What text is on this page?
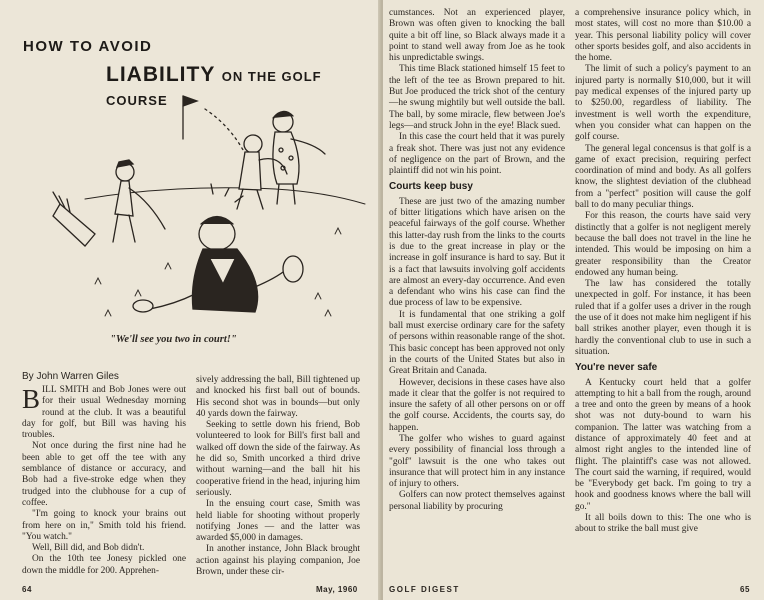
HOW TO AVOID
LIABILITY ON THE GOLF COURSE
"We'll see you two in court!"
By John Warren Giles

BILL SMITH and Bob Jones were out for their usual Wednesday morning round at the club. It was a beautiful day for golf, but Bill was having his troubles.

Not once during the first nine had he been able to get off the tee with any semblance of distance or accuracy, and Bob had a five-stroke edge when they trudged into the clubhouse for a cup of coffee.

"I'm going to knock your brains out from here on in," Smith told his friend. "You watch."

Well, Bill did, and Bob didn't.

On the 10th tee Jonesy pickled one down the middle for 200. Apprehen-

sively addressing the ball, Bill tightened up and knocked his first ball out of bounds. His second shot was in bounds—but only 40 yards down the fairway.

Seeking to settle down his friend, Bob volunteered to look for Bill's first ball and walked off down the side of the fairway. As he did so, Smith uncorked a third drive without warning—and the ball hit his cooperative friend in the head, injuring him seriously.

In the ensuing court case, Smith was held liable for shooting without properly notifying Jones — and the latter was awarded $5,000 in damages.

In another instance, John Black brought action against his playing companion, Joe Brown, under these cir-

64	May, 1960

cumstances. Not an experienced player, Brown was often given to knocking the ball quite a bit off line, so Black always made it a point to stand well away from Joe as he took his unpredictable swings.

This time Black stationed himself 15 feet to the left of the tee as Brown prepared to hit. But Joe produced the trick shot of the century—he swung mightily but well outside the ball. The ball, by some miracle, flew between Joe's legs—and struck John in the eye! Black sued.

In this case the court held that it was purely a freak shot. There was just not any evidence of negligence on the part of Brown, and the plaintiff did not win his point.

Courts keep busy

These are just two of the amazing number of bitter litigations which have arisen on the peaceful fairways of the golf course. Whether this latter-day rush from the links to the courts is due to the great increase in play or the increase in golf insurance is hard to say. But it is a fact that lawsuits involving golf accidents are almost an every-day occurrence. And even a defendant who wins his case can find the due process of law to be expensive.

It is fundamental that one striking a golf ball must exercise ordinary care for the safety of persons within reasonable range of the shot. This basic concept has been approved not only in the courts of the United States but also in Great Britain and Canada.

However, decisions in these cases have also made it clear that the golfer is not required to insure the safety of all other persons on or off the golf course. Accidents, the courts say, do happen.

The golfer who wishes to guard against every possibility of financial loss through a "golf" lawsuit is the one who takes out insurance that will protect him in any instance of injury to others.

Golfers can now protect themselves against personal liability by procuring

a comprehensive insurance policy which, in most states, will cost no more than $10.00 a year. This personal liability policy will cover other sports besides golf, and also accidents in the home.

The limit of such a policy's payment to an injured party is normally $10,000, but it will pay medical expenses of the injured party up to $250.00, regardless of liability. The investment is well worth the expenditure, when you consider what can happen on the golf course.

The general legal concensus is that golf is a game of exact precision, requiring perfect coordination of mind and body. As all golfers know, the slightest deviation of the clubhead from a "perfect" position will cause the golf ball to do many peculiar things.

For this reason, the courts have said very distinctly that a golfer is not negligent merely because the ball does not travel in the line he intended. This would be imposing on him a greater responsibility than the Creator endowed any human being.

The law has considered the totally unexpected in golf. For instance, it has been ruled that if a golfer uses a driver in the rough the use of it does not make him negligent if his ball strikes another player, even though it is hardly the conventional club to use in such a situation.

You're never safe

A Kentucky court held that a golfer attempting to hit a ball from the rough, around a tree and onto the green by means of a hook shot was not duty-bound to warn his companion. The latter was watching from a distance of approximately 40 feet and at almost right angles to the intended line of flight. The plaintiff's case was not allowed. The court said the warning, if required, would be "Everybody get back. I'm going to try a hook and goodness knows where the ball will go."

It all boils down to this: The one who is about to strike the ball must give

GOLF DIGEST	65
